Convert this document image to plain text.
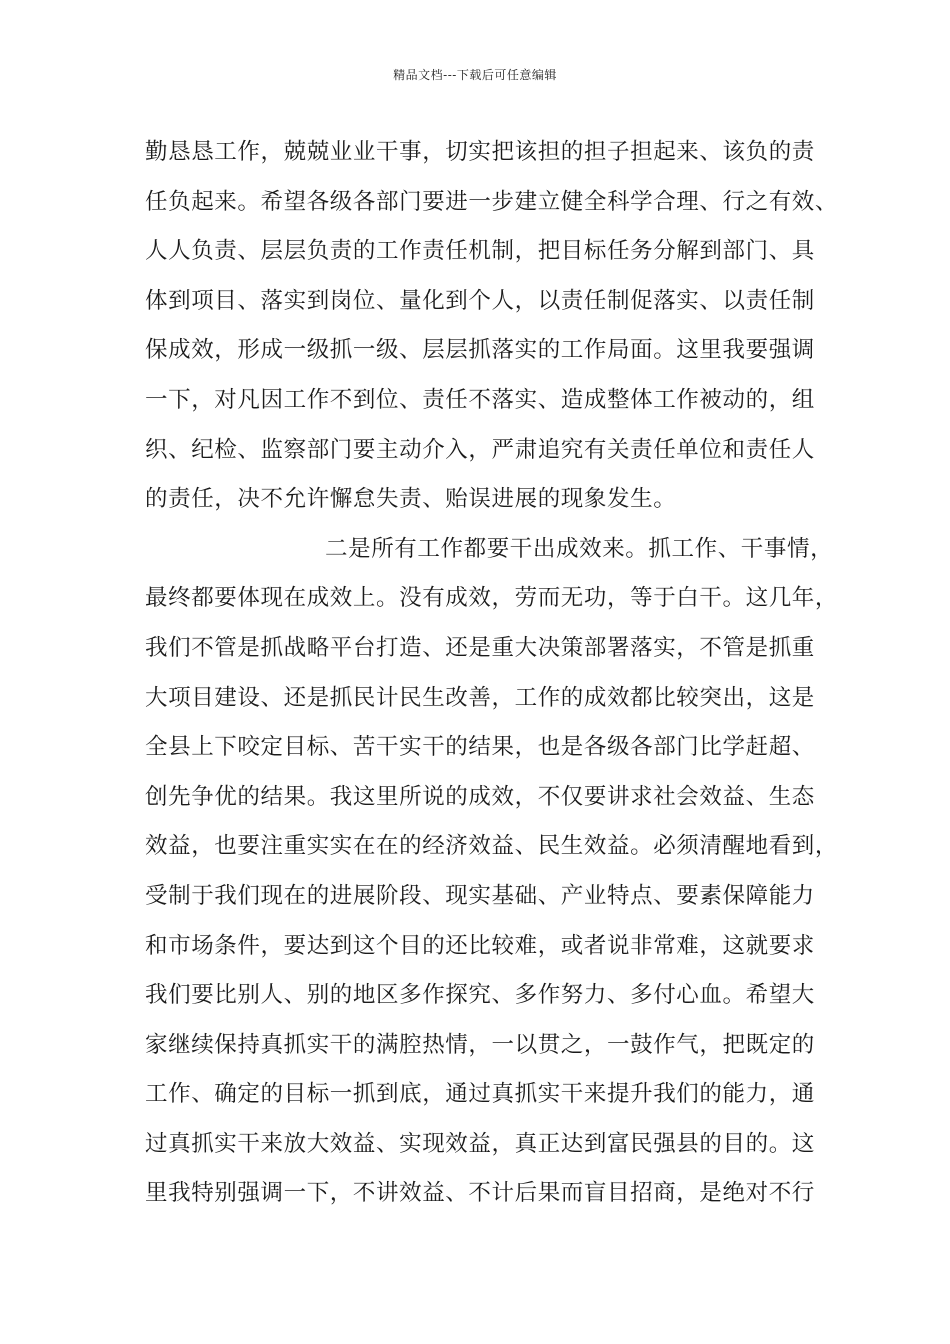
精品文档---下载后可任意编辑
勤恳恳工作，兢兢业业干事，切实把该担的担子担起来、该负的责
任负起来。希望各级各部门要进一步建立健全科学合理、行之有效、
人人负责、层层负责的工作责任机制，把目标任务分解到部门、具
体到项目、落实到岗位、量化到个人，以责任制促落实、以责任制
保成效，形成一级抓一级、层层抓落实的工作局面。这里我要强调
一下，对凡因工作不到位、责任不落实、造成整体工作被动的，组
织、纪检、监察部门要主动介入，严肃追究有关责任单位和责任人
的责任，决不允许懈怠失责、贻误进展的现象发生。
二是所有工作都要干出成效来。抓工作、干事情，
最终都要体现在成效上。没有成效，劳而无功，等于白干。这几年，
我们不管是抓战略平台打造、还是重大决策部署落实，不管是抓重
大项目建设、还是抓民计民生改善，工作的成效都比较突出，这是
全县上下咬定目标、苦干实干的结果，也是各级各部门比学赶超、
创先争优的结果。我这里所说的成效，不仅要讲求社会效益、生态
效益，也要注重实实在在的经济效益、民生效益。必须清醒地看到，
受制于我们现在的进展阶段、现实基础、产业特点、要素保障能力
和市场条件，要达到这个目的还比较难，或者说非常难，这就要求
我们要比别人、别的地区多作探究、多作努力、多付心血。希望大
家继续保持真抓实干的满腔热情，一以贯之，一鼓作气，把既定的
工作、确定的目标一抓到底，通过真抓实干来提升我们的能力，通
过真抓实干来放大效益、实现效益，真正达到富民强县的目的。这
里我特别强调一下，不讲效益、不计后果而盲目招商，是绝对不行
